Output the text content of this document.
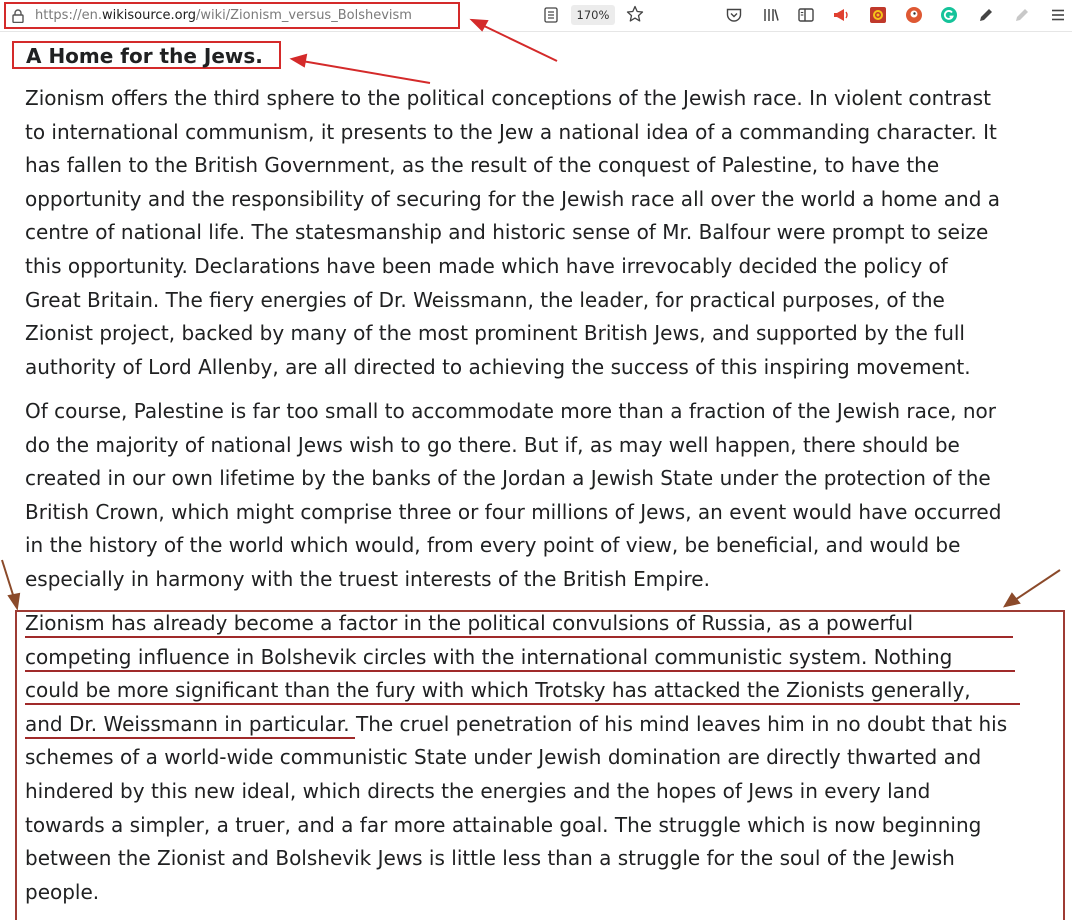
https://en.wikisource.org/wiki/Zionism_versus_Bolshevism	170%
A Home for the Jews.
Zionism offers the third sphere to the political conceptions of the Jewish race. In violent contrast
to international communism, it presents to the Jew a national idea of a commanding character. It
has fallen to the British Government, as the result of the conquest of Palestine, to have the
opportunity and the responsibility of securing for the Jewish race all over the world a home and a
centre of national life. The statesmanship and historic sense of Mr. Balfour were prompt to seize
this opportunity. Declarations have been made which have irrevocably decided the policy of
Great Britain. The fiery energies of Dr. Weissmann, the leader, for practical purposes, of the
Zionist project, backed by many of the most prominent British Jews, and supported by the full
authority of Lord Allenby, are all directed to achieving the success of this inspiring movement.
Of course, Palestine is far too small to accommodate more than a fraction of the Jewish race, nor
do the majority of national Jews wish to go there. But if, as may well happen, there should be
created in our own lifetime by the banks of the Jordan a Jewish State under the protection of the
British Crown, which might comprise three or four millions of Jews, an event would have occurred
in the history of the world which would, from every point of view, be beneficial, and would be
especially in harmony with the truest interests of the British Empire.
Zionism has already become a factor in the political convulsions of Russia, as a powerful
competing influence in Bolshevik circles with the international communistic system. Nothing
could be more significant than the fury with which Trotsky has attacked the Zionists generally,
and Dr. Weissmann in particular. The cruel penetration of his mind leaves him in no doubt that his
schemes of a world-wide communistic State under Jewish domination are directly thwarted and
hindered by this new ideal, which directs the energies and the hopes of Jews in every land
towards a simpler, a truer, and a far more attainable goal. The struggle which is now beginning
between the Zionist and Bolshevik Jews is little less than a struggle for the soul of the Jewish
people.
